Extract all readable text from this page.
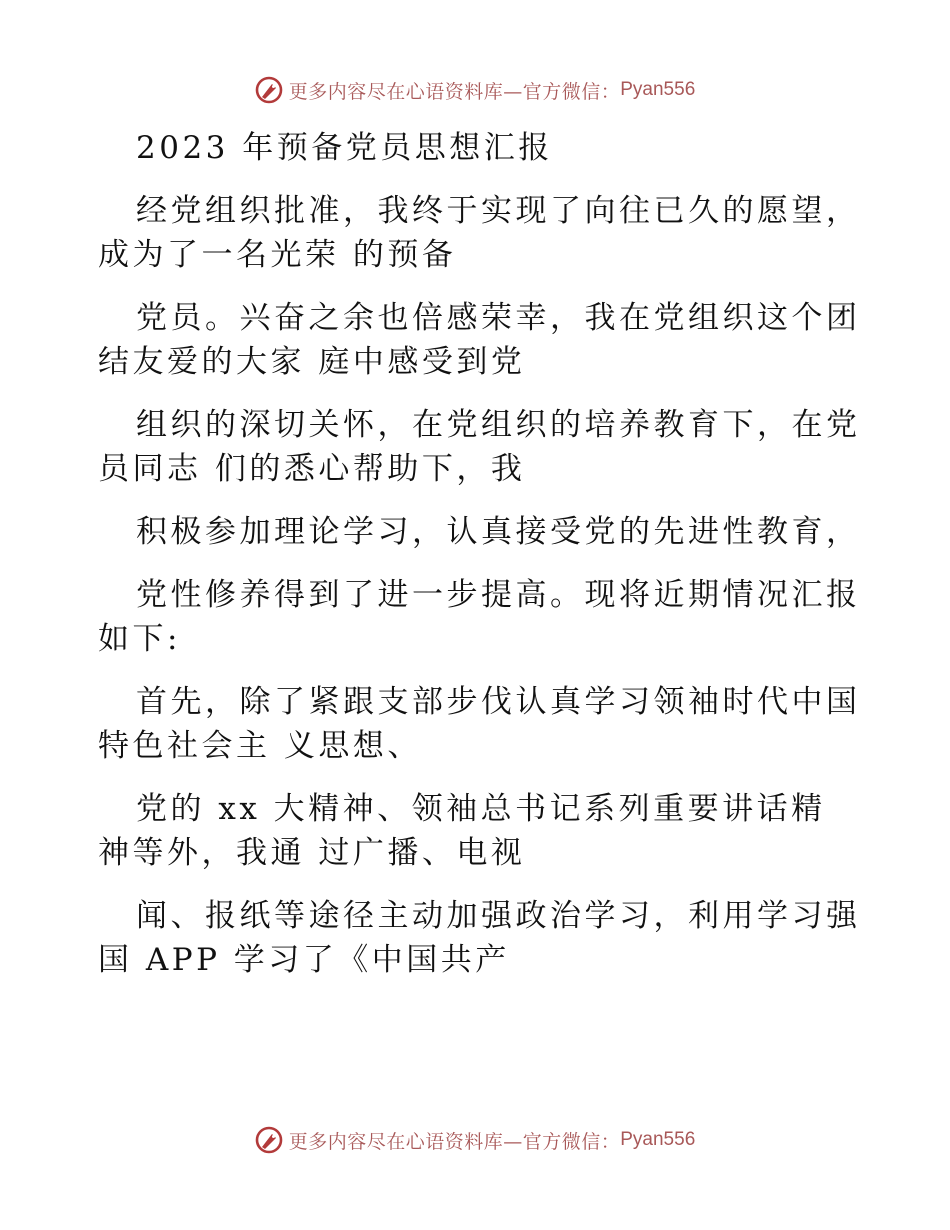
更多内容尽在心语资料库—官方微信： Pyan556
2023 年预备党员思想汇报
经党组织批准，我终于实现了向往已久的愿望，
成为了一名光荣 的预备
党员。兴奋之余也倍感荣幸，我在党组织这个团
结友爱的大家 庭中感受到党
组织的深切关怀，在党组织的培养教育下，在党
员同志 们的悉心帮助下，我
积极参加理论学习，认真接受党的先进性教育，
党性修养得到了进一步提高。现将近期情况汇报
如下:
首先，除了紧跟支部步伐认真学习领袖时代中国
特色社会主 义思想、
党的 xx 大精神、领袖总书记系列重要讲话精
神等外，我通 过广播、电视
闻、报纸等途径主动加强政治学习，利用学习强
国 APP 学习了《中国共产
更多内容尽在心语资料库—官方微信： Pyan556
